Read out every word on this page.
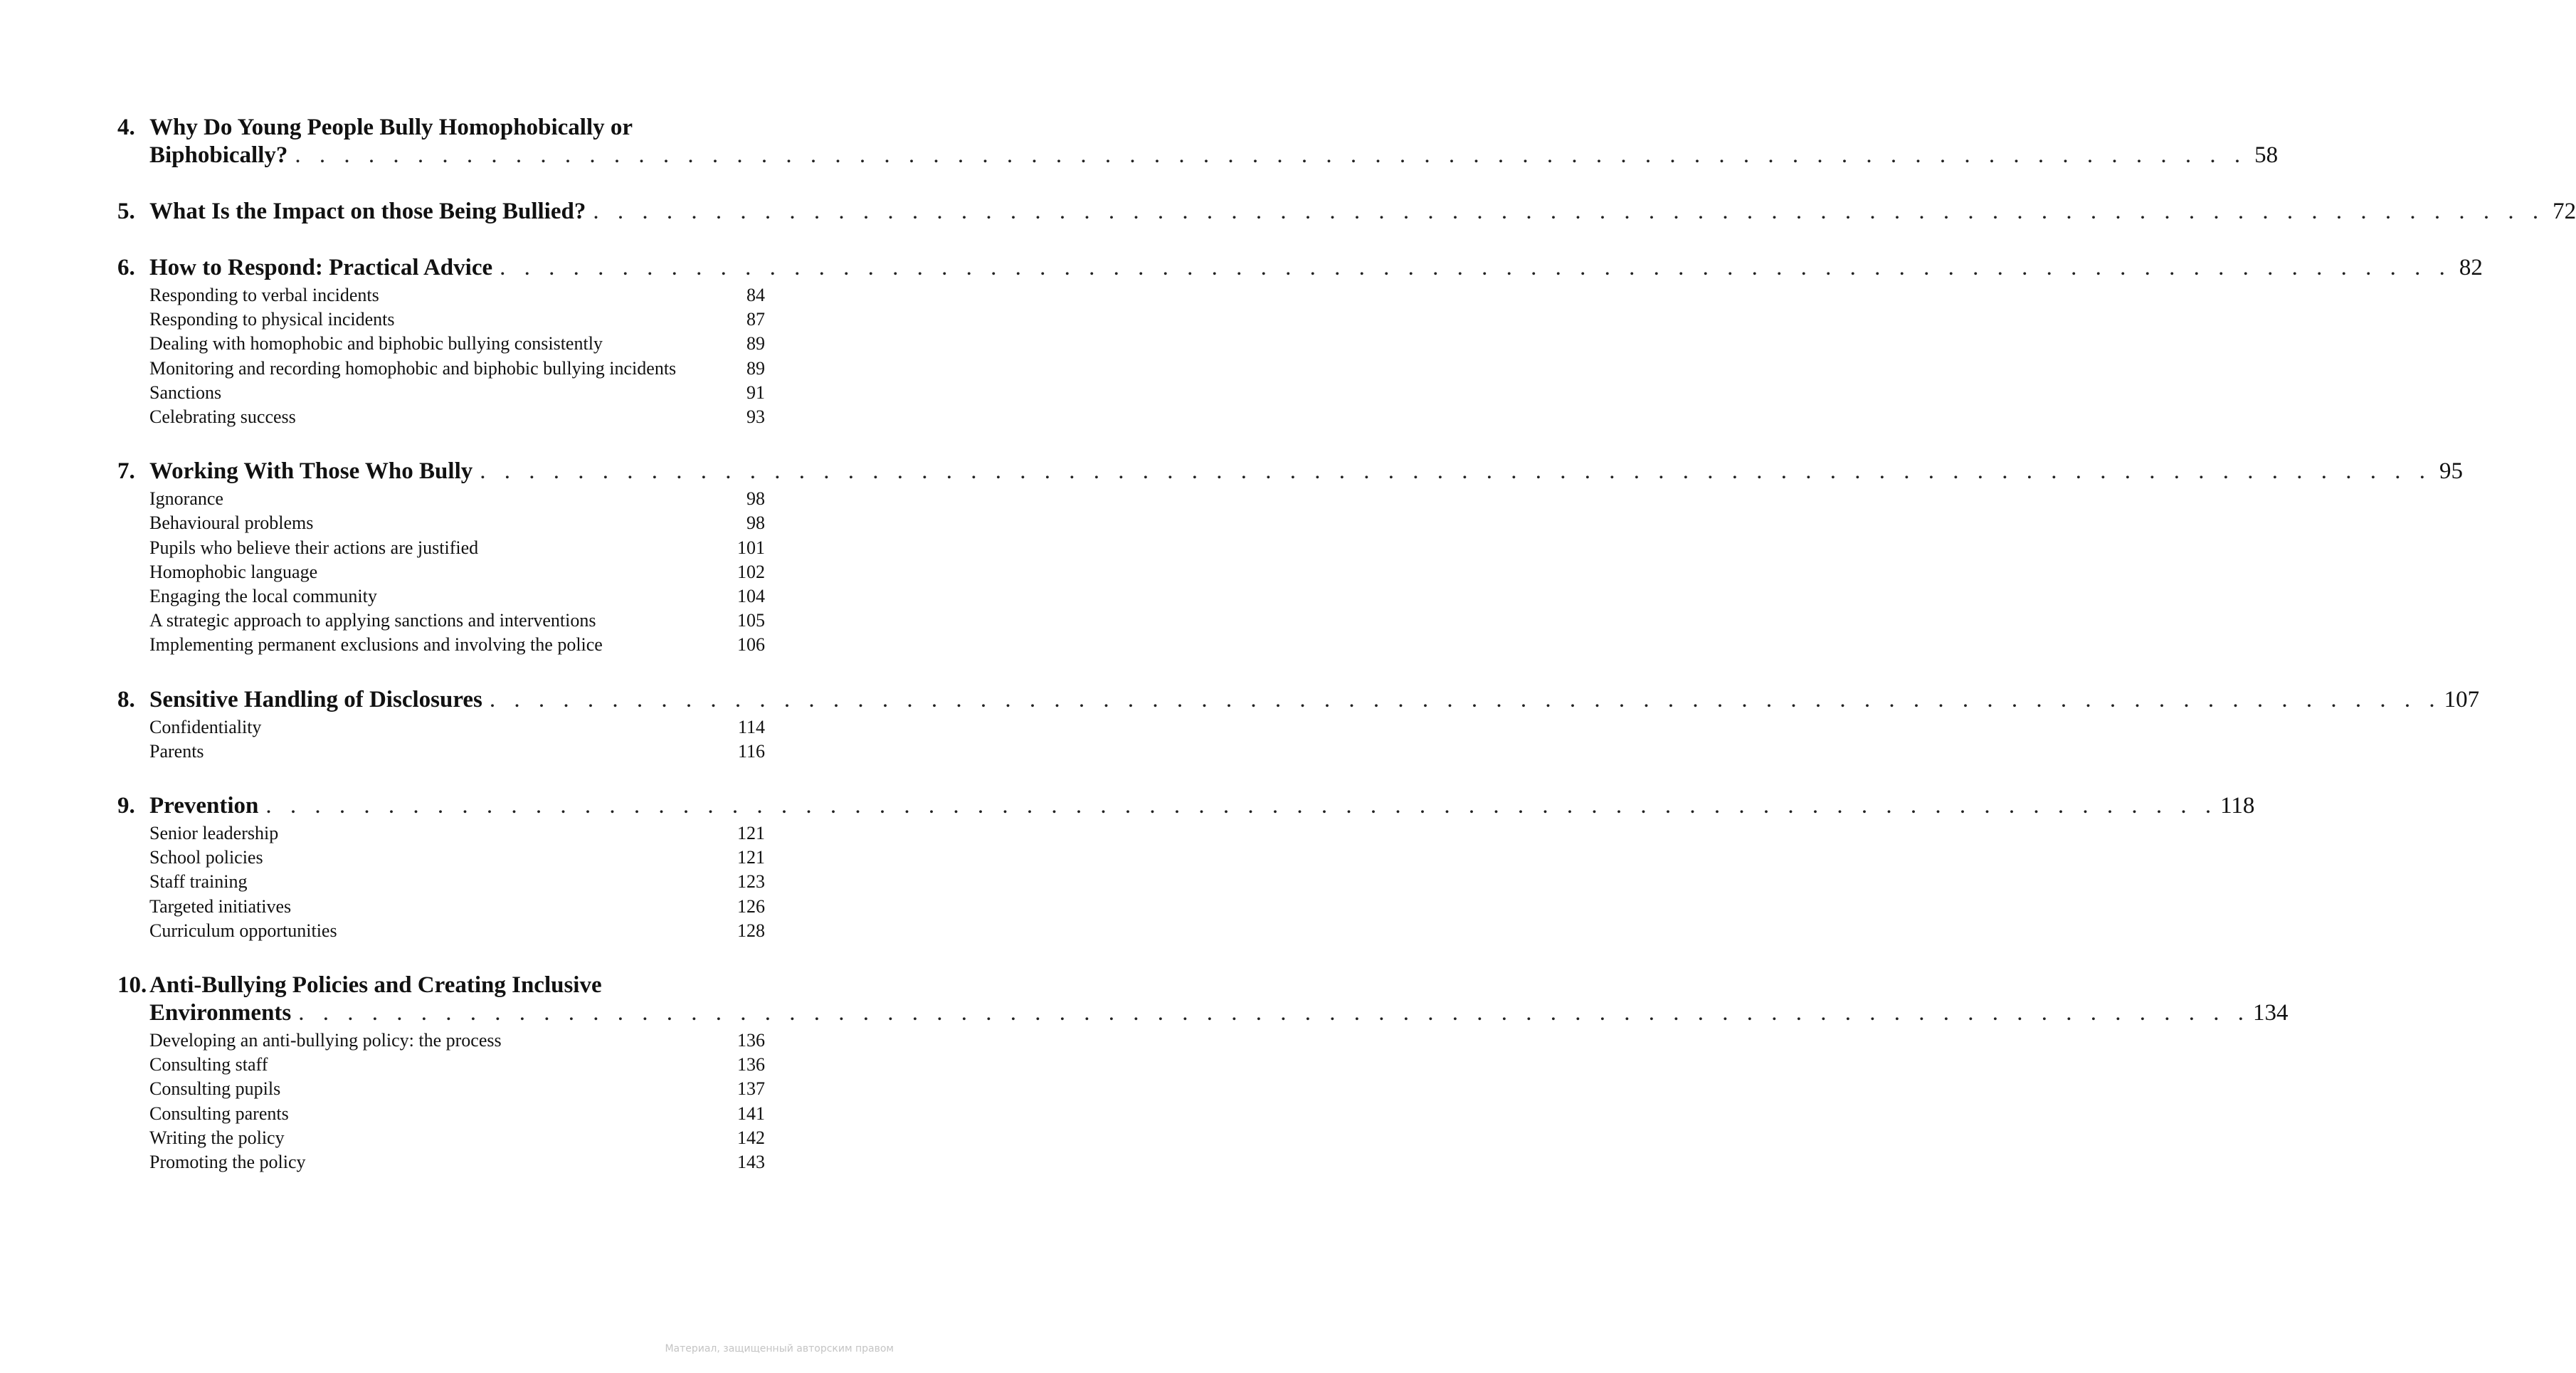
4. Why Do Young People Bully Homophobically or
Biphobically? . . . . . . . . . . . . . . . . . . . . . . . . . . . . . . . . . . . . . . . . . . . . . . . . . . . . . . . . . . . . . . . . . . . . . . . . . . . . . . . . 58
5. What Is the Impact on those Being Bullied? . . . . . . . . . . . . . . . . . . . . . . . . . . . . . . . . . . . . . . . . . . . . . . . . . . . . . . . . . . . . . . . . . . . . . . . . . . . . . . . . 72
6. How to Respond: Practical Advice . . . . . . . . . . . . . . . . . . . . . . . . . . . . . . . . . . . . . . . . . . . . . . . . . . . . . . . . . . . . . . . . . . . . . . . . . . . . . . . . 82
Responding to verbal incidents	84
Responding to physical incidents	87
Dealing with homophobic and biphobic bullying consistently	89
Monitoring and recording homophobic and biphobic bullying incidents	89
Sanctions	91
Celebrating success	93
7. Working With Those Who Bully . . . . . . . . . . . . . . . . . . . . . . . . . . . . . . . . . . . . . . . . . . . . . . . . . . . . . . . . . . . . . . . . . . . . . . . . . . . . . . . . 95
Ignorance	98
Behavioural problems	98
Pupils who believe their actions are justified	101
Homophobic language	102
Engaging the local community	104
A strategic approach to applying sanctions and interventions	105
Implementing permanent exclusions and involving the police	106
8. Sensitive Handling of Disclosures . . . . . . . . . . . . . . . . . . . . . . . . . . . . . . . . . . . . . . . . . . . . . . . . . . . . . . . . . . . . . . . . . . . . . . . . . . . . . . . . 107
Confidentiality	114
Parents	116
9. Prevention . . . . . . . . . . . . . . . . . . . . . . . . . . . . . . . . . . . . . . . . . . . . . . . . . . . . . . . . . . . . . . . . . . . . . . . . . . . . . . . . 118
Senior leadership	121
School policies	121
Staff training	123
Targeted initiatives	126
Curriculum opportunities	128
10. Anti-Bullying Policies and Creating Inclusive
Environments . . . . . . . . . . . . . . . . . . . . . . . . . . . . . . . . . . . . . . . . . . . . . . . . . . . . . . . . . . . . . . . . . . . . . . . . . . . . . . . . 134
Developing an anti-bullying policy: the process	136
Consulting staff	136
Consulting pupils	137
Consulting parents	141
Writing the policy	142
Promoting the policy	143
Материал, защищенный авторским правом
